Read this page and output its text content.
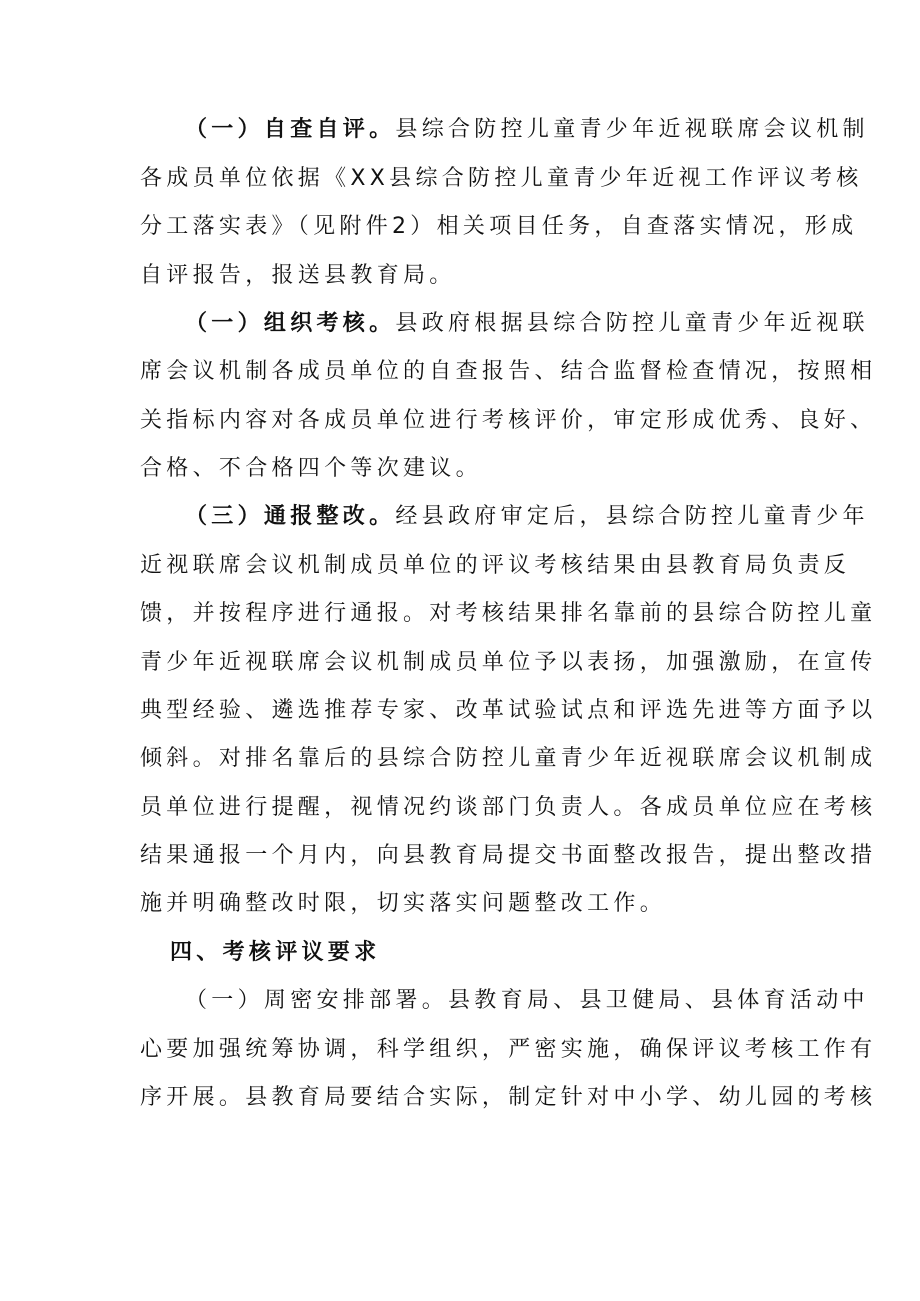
（一）自查自评。县综合防控儿童青少年近视联席会议机制
各成员单位依据《XX县综合防控儿童青少年近视工作评议考核
分工落实表》（见附件2）相关项目任务，自查落实情况，形成
自评报告，报送县教育局。
（一）组织考核。县政府根据县综合防控儿童青少年近视联
席会议机制各成员单位的自查报告、结合监督检查情况，按照相
关指标内容对各成员单位进行考核评价，审定形成优秀、良好、
合格、不合格四个等次建议。
（三）通报整改。经县政府审定后，县综合防控儿童青少年
近视联席会议机制成员单位的评议考核结果由县教育局负责反
馈，并按程序进行通报。对考核结果排名靠前的县综合防控儿童
青少年近视联席会议机制成员单位予以表扬，加强激励，在宣传
典型经验、遴选推荐专家、改革试验试点和评选先进等方面予以
倾斜。对排名靠后的县综合防控儿童青少年近视联席会议机制成
员单位进行提醒，视情况约谈部门负责人。各成员单位应在考核
结果通报一个月内，向县教育局提交书面整改报告，提出整改措
施并明确整改时限，切实落实问题整改工作。
四、考核评议要求
（一）周密安排部署。县教育局、县卫健局、县体育活动中
心要加强统筹协调，科学组织，严密实施，确保评议考核工作有
序开展。县教育局要结合实际，制定针对中小学、幼儿园的考核
